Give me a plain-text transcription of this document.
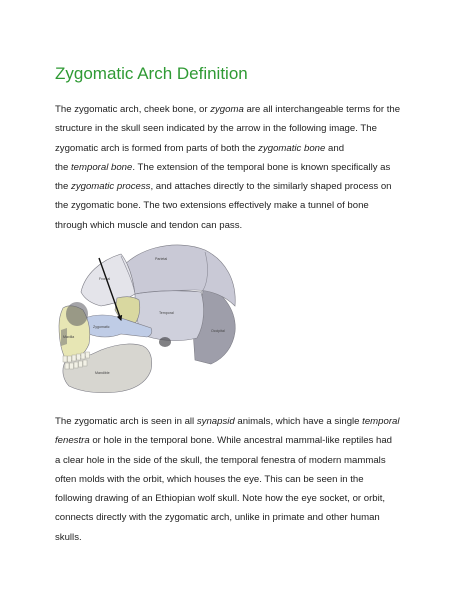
Zygomatic Arch Definition
The zygomatic arch, cheek bone, or zygoma are all interchangeable terms for the
structure in the skull seen indicated by the arrow in the following image. The
zygomatic arch is formed from parts of both the zygomatic bone and
the temporal bone. The extension of the temporal bone is known specifically as
the zygomatic process, and attaches directly to the similarly shaped process on
the zygomatic bone. The two extensions effectively make a tunnel of bone
through which muscle and tendon can pass.
Parietal
Frontal
Temporal
Zygomatic
Occipital
Maxilla
Mandible
The zygomatic arch is seen in all synapsid animals, which have a single temporal
fenestra or hole in the temporal bone. While ancestral mammal-like reptiles had
a clear hole in the side of the skull, the temporal fenestra of modern mammals
often molds with the orbit, which houses the eye. This can be seen in the
following drawing of an Ethiopian wolf skull. Note how the eye socket, or orbit,
connects directly with the zygomatic arch, unlike in primate and other human
skulls.
